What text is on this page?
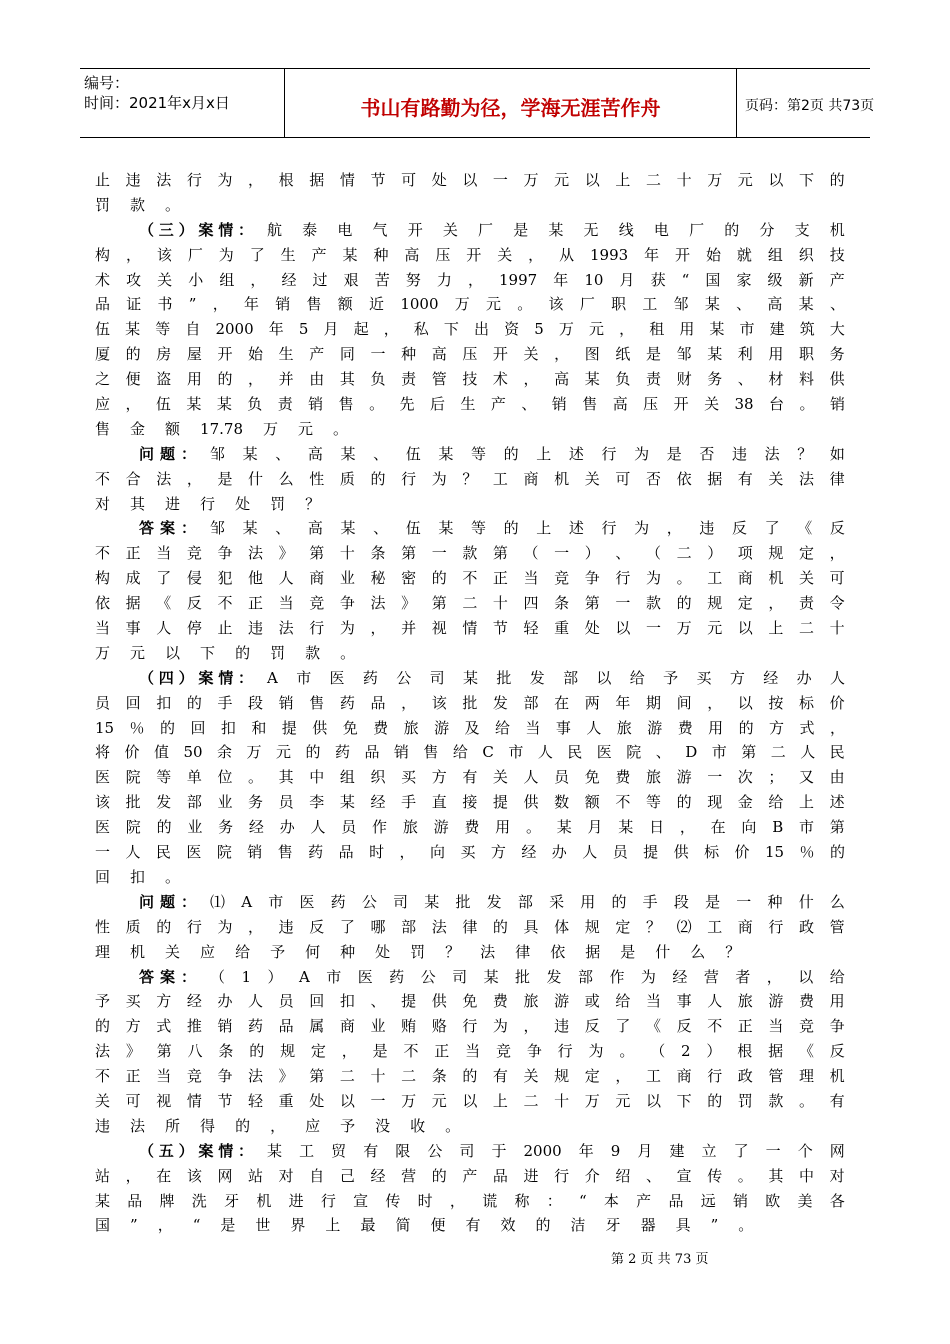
编号：
时间：2021年x月x日	书山有路勤为径，学海无涯苦作舟	页码：第2页 共73页
止 违 法 行 为 ， 根 据 情 节 可 处 以 一 万 元 以 上 二 十 万 元 以 下 的
罚 款 。
（ 三 ） 案 情 ： 航 泰 电 气 开 关 厂 是 某 无 线 电 厂 的 分 支 机
构 ， 该 厂 为 了 生 产 某 种 高 压 开 关 ， 从 1993 年 开 始 就 组 织 技
术 攻 关 小 组 ， 经 过 艰 苦 努 力 ， 1997 年 10 月 获 “ 国 家 级 新 产
品 证 书 ” ， 年 销 售 额 近 1000 万 元 。 该 厂 职 工 邹 某 、 高 某 、
伍 某 等 自 2000 年 5 月 起 ， 私 下 出 资 5 万 元 ， 租 用 某 市 建 筑 大
厦 的 房 屋 开 始 生 产 同 一 种 高 压 开 关 ， 图 纸 是 邹 某 利 用 职 务
之 便 盗 用 的 ， 并 由 其 负 责 管 技 术 ， 高 某 负 责 财 务 、 材 料 供
应 ， 伍 某 某 负 责 销 售 。 先 后 生 产 、 销 售 高 压 开 关 38 台 。 销
售 金 额 17.78 万 元 。
问 题 ： 邹 某 、 高 某 、 伍 某 等 的 上 述 行 为 是 否 违 法 ？ 如
不 合 法 ， 是 什 么 性 质 的 行 为 ？ 工 商 机 关 可 否 依 据 有 关 法 律
对 其 进 行 处 罚 ？
答 案 ： 邹 某 、 高 某 、 伍 某 等 的 上 述 行 为 ， 违 反 了 《 反
不 正 当 竞 争 法 》 第 十 条 第 一 款 第 （ 一 ） 、 （ 二 ） 项 规 定 ，
构 成 了 侵 犯 他 人 商 业 秘 密 的 不 正 当 竞 争 行 为 。 工 商 机 关 可
依 据 《 反 不 正 当 竞 争 法 》 第 二 十 四 条 第 一 款 的 规 定 ， 责 令
当 事 人 停 止 违 法 行 为 ， 并 视 情 节 轻 重 处 以 一 万 元 以 上 二 十
万 元 以 下 的 罚 款 。
（ 四 ） 案 情 ： A 市 医 药 公 司 某 批 发 部 以 给 予 买 方 经 办 人
员 回 扣 的 手 段 销 售 药 品 ， 该 批 发 部 在 两 年 期 间 ， 以 按 标 价
15 ％ 的 回 扣 和 提 供 免 费 旅 游 及 给 当 事 人 旅 游 费 用 的 方 式 ，
将 价 值 50 余 万 元 的 药 品 销 售 给 C 市 人 民 医 院 、 D 市 第 二 人 民
医 院 等 单 位 。 其 中 组 织 买 方 有 关 人 员 免 费 旅 游 一 次 ； 又 由
该 批 发 部 业 务 员 李 某 经 手 直 接 提 供 数 额 不 等 的 现 金 给 上 述
医 院 的 业 务 经 办 人 员 作 旅 游 费 用 。 某 月 某 日 ， 在 向 B 市 第
一 人 民 医 院 销 售 药 品 时 ， 向 买 方 经 办 人 员 提 供 标 价 15 ％ 的
回 扣 。
问 题 ： ⑴ A 市 医 药 公 司 某 批 发 部 采 用 的 手 段 是 一 种 什 么
性 质 的 行 为 ， 违 反 了 哪 部 法 律 的 具 体 规 定 ？ ⑵ 工 商 行 政 管
理 机 关 应 给 予 何 种 处 罚 ？ 法 律 依 据 是 什 么 ？
答 案 ： （ 1 ） A 市 医 药 公 司 某 批 发 部 作 为 经 营 者 ， 以 给
予 买 方 经 办 人 员 回 扣 、 提 供 免 费 旅 游 或 给 当 事 人 旅 游 费 用
的 方 式 推 销 药 品 属 商 业 贿 赂 行 为 ， 违 反 了 《 反 不 正 当 竞 争
法 》 第 八 条 的 规 定 ， 是 不 正 当 竞 争 行 为 。 （ 2 ） 根 据 《 反
不 正 当 竞 争 法 》 第 二 十 二 条 的 有 关 规 定 ， 工 商 行 政 管 理 机
关 可 视 情 节 轻 重 处 以 一 万 元 以 上 二 十 万 元 以 下 的 罚 款 。 有
违 法 所 得 的 ， 应 予 没 收 。
（ 五 ） 案 情 ： 某 工 贸 有 限 公 司 于 2000 年 9 月 建 立 了 一 个 网
站 ， 在 该 网 站 对 自 己 经 营 的 产 品 进 行 介 绍 、 宣 传 。 其 中 对
某 品 牌 洗 牙 机 进 行 宣 传 时 ， 谎 称 ： “ 本 产 品 远 销 欧 美 各
国 ” ， “ 是 世 界 上 最 简 便 有 效 的 洁 牙 器 具 ” 。
第 2 页 共 73 页
